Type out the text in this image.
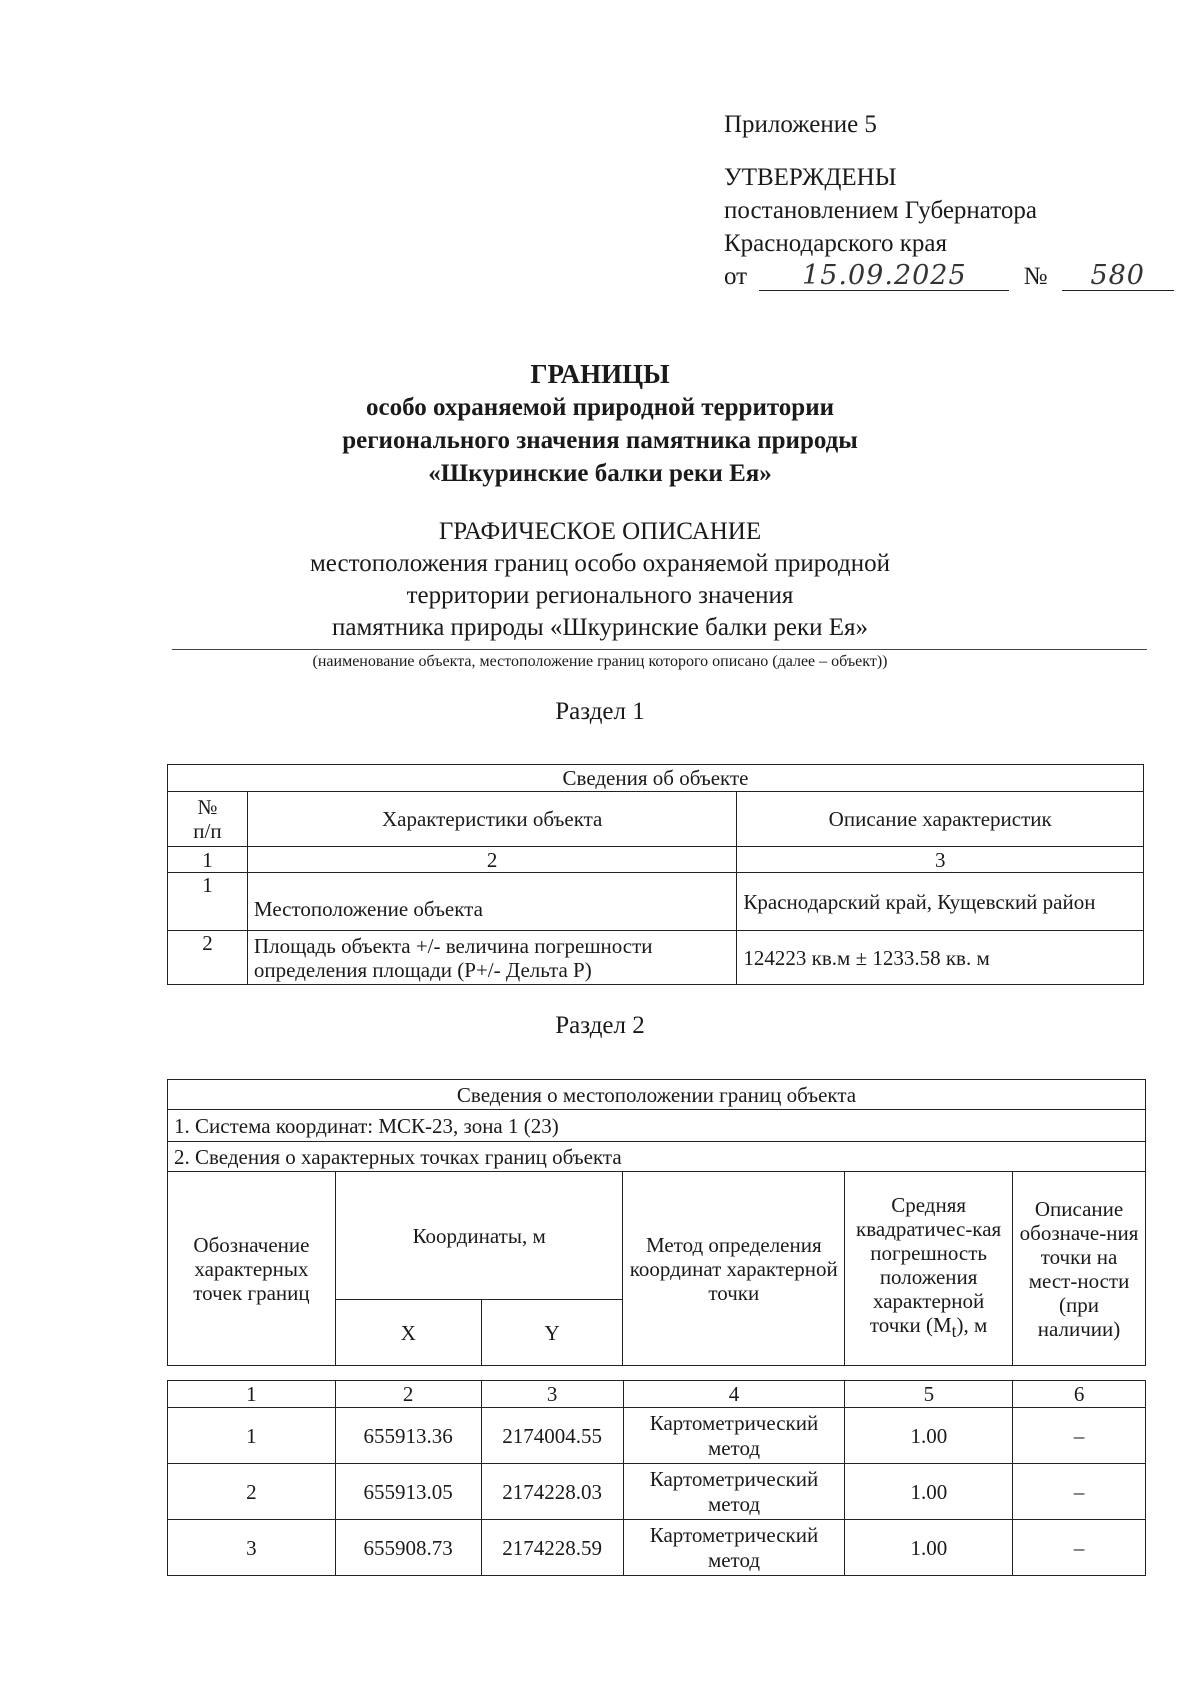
Приложение 5
УТВЕРЖДЕНЫ
постановлением Губернатора
Краснодарского края
от 15.09.2025 № 580
ГРАНИЦЫ
особо охраняемой природной территории
регионального значения памятника природы
«Шкуринские балки реки Ея»
ГРАФИЧЕСКОЕ ОПИСАНИЕ
местоположения границ особо охраняемой природной
территории регионального значения
памятника природы «Шкуринские балки реки Ея»
(наименование объекта, местоположение границ которого описано (далее – объект))
Раздел 1
Сведения об объекте		
№
п/п	Характеристики объекта	Описание характеристик
1	2	3
1	Местоположение объекта	Краснодарский край, Кущевский район
2	Площадь объекта +/- величина погрешности определения площади (P+/- Дельта P)	124223 кв.м ± 1233.58 кв. м
Раздел 2
Сведения о местоположении границ объекта					
1. Система координат: МСК-23, зона 1 (23)					
2. Сведения о характерных точках границ объекта					
Обозначение характерных точек границ	Координаты, м		Метод определения координат характерной точки	Средняя квадратичес-кая погрешность положения характерной точки $(M_t)$, м	Описание обозначе-ния точки на мест-ности (при наличии)
	X	Y			
1	2	3	4	5	6
1	655913.36	2174004.55	Картометрический метод	1.00	–
2	655913.05	2174228.03	Картометрический метод	1.00	–
3	655908.73	2174228.59	Картометрический метод	1.00	–
